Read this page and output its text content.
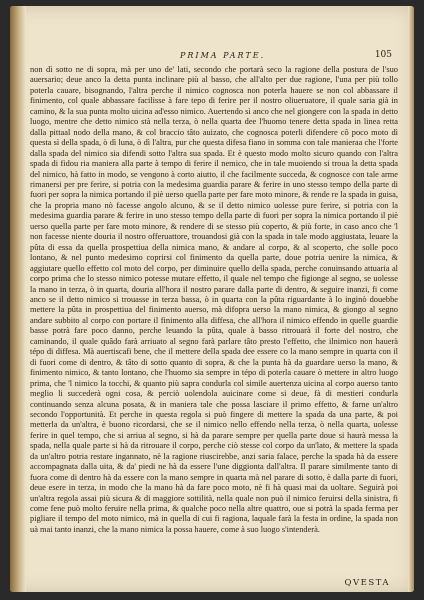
PRIMA PARTE.	105

non dì sotto ne di sopra, mà per uno de' lati, secondo che portarà seco la ragione della postura de l'suo auersario; deue anco la detta punta inclinare più al basso, che all'alto per due ragione, l'una per più tollo poterla cauare, bisognando, l'altra perche il nimico cognosca non poterla hauere se non col abbassare il finimento, col quale abbassare facilisse à fare tepo di ferire per il nostro oliueruatore, il quale saria già in camino, & la sua punta molto uicina ad'esso nimico. Auertendo sì anco che nel giongere con la spada in detto luogo, mentre che detto nimico stà nella terza, ò nella quarta dee l'huomo tenere detta spada in linea retta dalla pittaal nodo della mano, & col braccio tâto auizato, che cognosca poterli difendere cô poco moto dì questa sì della spada, ò dì luna, ò dì l'altra, pur che questa difesa fiano in somma con tale manieraa che l'forte dalla spada del nimico sia difendi sotto l'altra sua spada. Et è questo modo molto sicuro quando con l'altra spada di fidou ria maniera alla parte à tempo di ferire il nemico, che in tale muoiendo si troua la detta spada del nimico, hà fatto in modo, se vengono à corto aiutto, il che facilmente succeda, & cognosce con tale arme rimanersi per pre ferire, si potria con la medesima guardia parare & ferire in uno stesso tempo della parte di fuori per sopra la nimica portando il piè uerso quella parte per fare moto minore, & rende re la spada in guisa, che la propria mano nò facesse angolo alcuno, & se il detto nimico uolesse pure ferire, si potria con la medesima guardia parare & ferire in uno stesso tempo della parte di fuori per sopra la nimica portando il piè uerso quella parte per fare moto minore, & rendere di se stesso più coperto, & più forte, in caso anco che 'l non facesse niente douria il nostro offeruattore, trouandosi già con la spada in tale modo aggiustata, leuare la pûta di essa da quella prospettiua della nimica mano, & andare al corpo, & al scoperto, che solle poco lontano, & nel punto medesimo coprirsi col finimento da quella parte, doue potria uenire la nimica, & aggiutare quello effetto col moto del corpo, per diminuire quello della spada, perche conuinsando attuaria al corpo prima che lo stesso nimico potesse mutare effetto, il quale nel tempo che figionge al segno, se uolesse la mano in terza, ò in quarta, douria all'hora il nostro parare dalla parte di dentro, & seguire inanzi, fi come anco se il detto nimico si trouasse in terza bassa, ò in quarta con la pûta riguardante à lo inginò douebbe mettere la pûta in prospettiua del finimento auerso, mà difopra uerso la mano nimica, & giongo al segno andare subbito al corpo con portare il finimento alla diffesa, che all'hora il nimico effendo in quelle guardie basse potrà fare poco danno, perche leuando la pûta, quale à basso ritrouarà il forte del nostro, che caminando, il quale quâdo farà arriuato al segno farà parlare tâto presto l'effetto, che ilnimico non hauerà tépo di diffesa. Mà auertiscafi bene, che il mettere della spada dee essere co la mano sempre in quarta con il di fuori come di dentro, & tâto di sotto quanto di sopra, & che la punta hà da guardare uerso la mano, & finimento nimico, & tanto lontano, che l'huomo sia sempre in tépo di poterla cauare ò mettere in altro luogo prima, che 'l nimico la tocchi, & quanto più sapra condurla col simile auertenza uicina al corpo auerso tanto meglio li succederà ogni cosa, & perciò uolendola auicinare come si deue, fà di mestieri condurla continuando senza alcuna posata, & in maniera tale che possa lasciare il primo effetto, & farne un'altro secondo l'opportunità. Et perche in questa regola si può fingere di mettere la spada da una parte, & poi metterla da un'altra, è buono ricordarsi, che se il nimico nello effendo nella terza, ò nella quarta, uolesse ferire in quel tempo, che si arriua al segno, si hà da parare sempre per quella parte doue si haurà messa la spada, nella quale parte si hà da ritrouare il corpo, perche ciò stesse col corpo da un'lato, & mettere la spada da un'altro potria restare ingannato, nè la ragione riuscirebbe, anzi saria falace, perche la spada hà da essere accompagnata dalla uita, & da' piedi ne hà da essere l'une diggionta dall'altra. Il parare similmente tanto di fuora come di dentro hà da essere con la mano sempre in quarta mà nel parare di sotto, è dalla parte di fuori, deue esere in terza, in modo che la mano hà da fare poco moto, nè fi hà quasi mai da uoltare. Seguirà poi un'altra regola assai più sicura & di maggiore sottilità, nella quale non può il nimico feruirsi della sinistra, fi come fene può molto feruire nella prima, & qualche poco nella altre quattro, oue si potrà la spada ferma per pigliare il tempo del moto nimico, mà in quella di cui fi ragiona, laquale farà la festa in ordine, la spada non uà mai tanto inanzi, che la mano nimica la possa hauere, come à suo luogo s'intenderà.

QVESTA
